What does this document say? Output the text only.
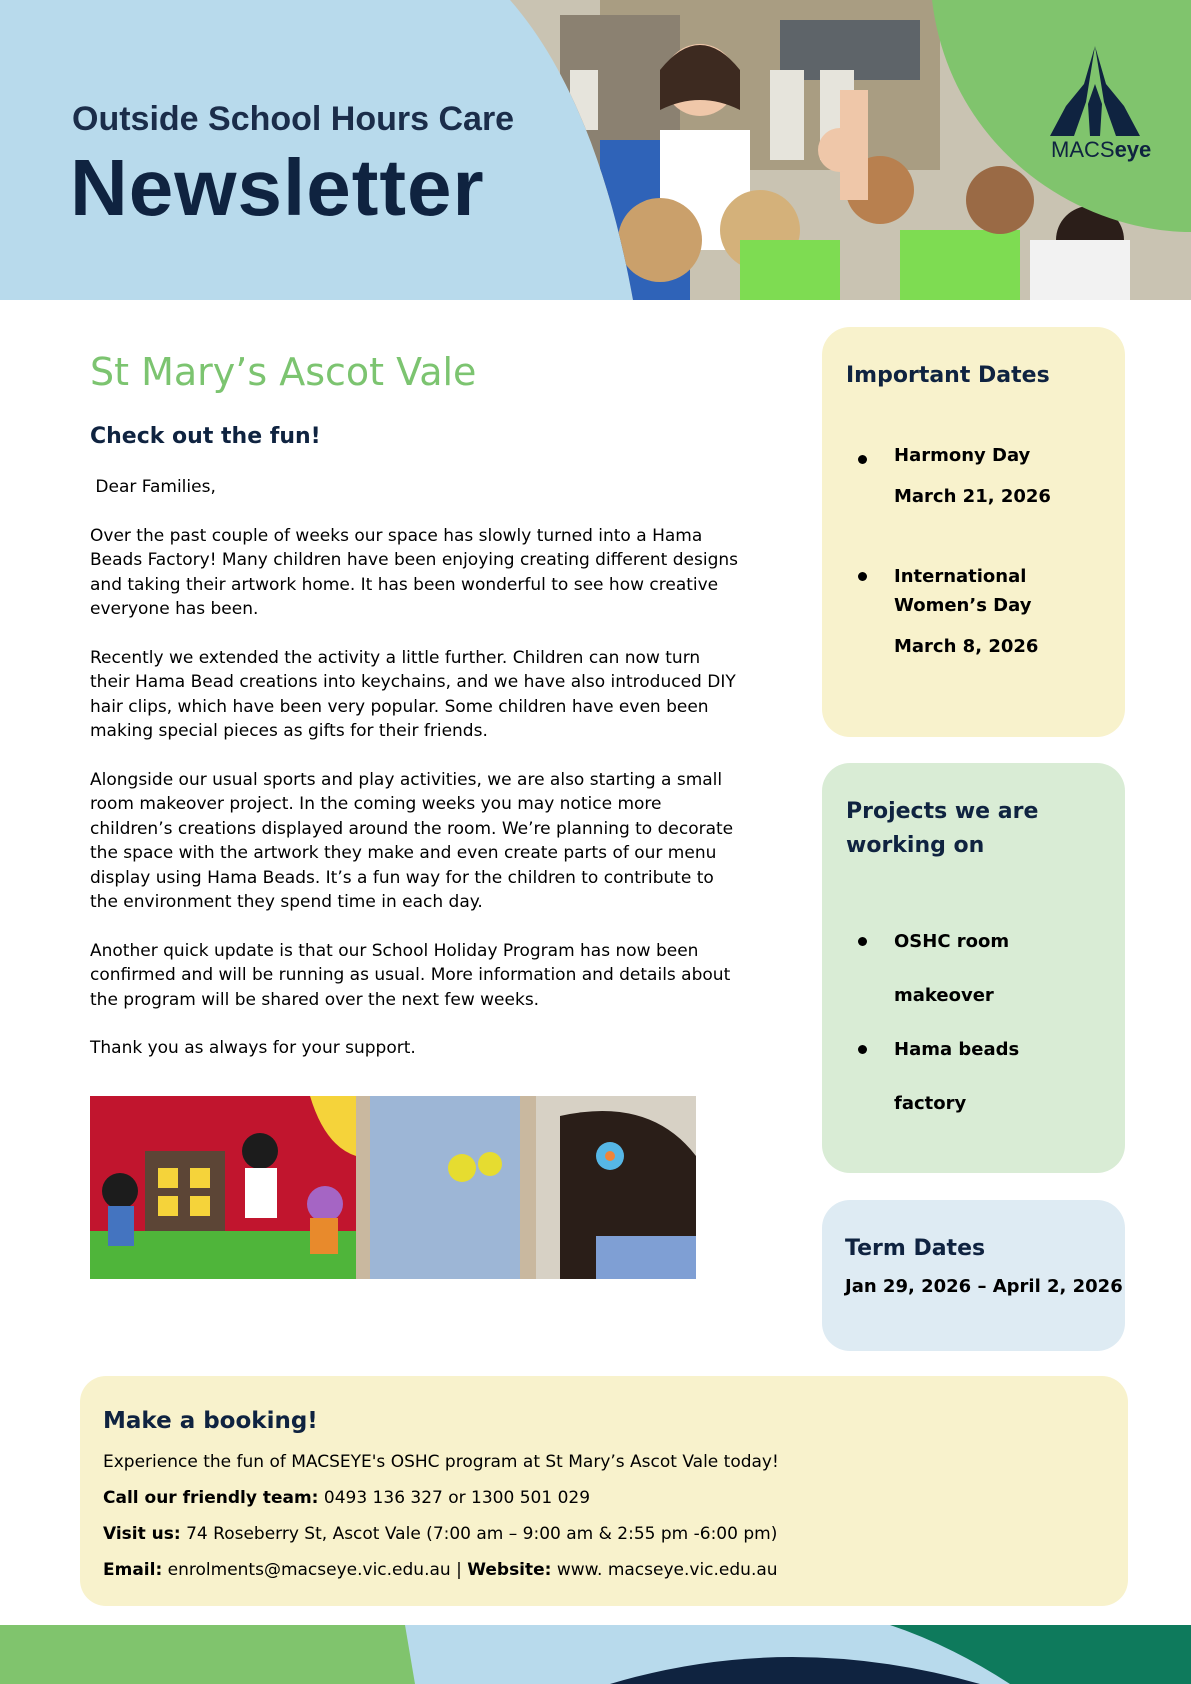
Outside School Hours Care
Newsletter	MACSeye
St Mary’s Ascot Vale
Check out the fun!

Dear Families,

Over the past couple of weeks our space has slowly turned into a Hama Beads Factory! Many children have been enjoying creating different designs and taking their artwork home. It has been wonderful to see how creative everyone has been.

Recently we extended the activity a little further. Children can now turn their Hama Bead creations into keychains, and we have also introduced DIY hair clips, which have been very popular. Some children have even been making special pieces as gifts for their friends.

Alongside our usual sports and play activities, we are also starting a small room makeover project. In the coming weeks you may notice more children’s creations displayed around the room. We’re planning to decorate the space with the artwork they make and even create parts of our menu display using Hama Beads. It’s a fun way for the children to contribute to the environment they spend time in each day.

Another quick update is that our School Holiday Program has now been confirmed and will be running as usual. More information and details about the program will be shared over the next few weeks.

Thank you as always for your support.

Important Dates
Harmony Day
March 21, 2026
International Women’s Day
March 8, 2026
Projects we are working on
OSHC room makeover
Hama beads factory
Term Dates
Jan 29, 2026 – April 2, 2026
Make a booking!
Experience the fun of MACSEYE's OSHC program at St Mary’s Ascot Vale today!
Call our friendly team: 0493 136 327 or 1300 501 029
Visit us: 74 Roseberry St, Ascot Vale (7:00 am – 9:00 am & 2:55 pm -6:00 pm)
Email: enrolments@macseye.vic.edu.au | Website: www. macseye.vic.edu.au
